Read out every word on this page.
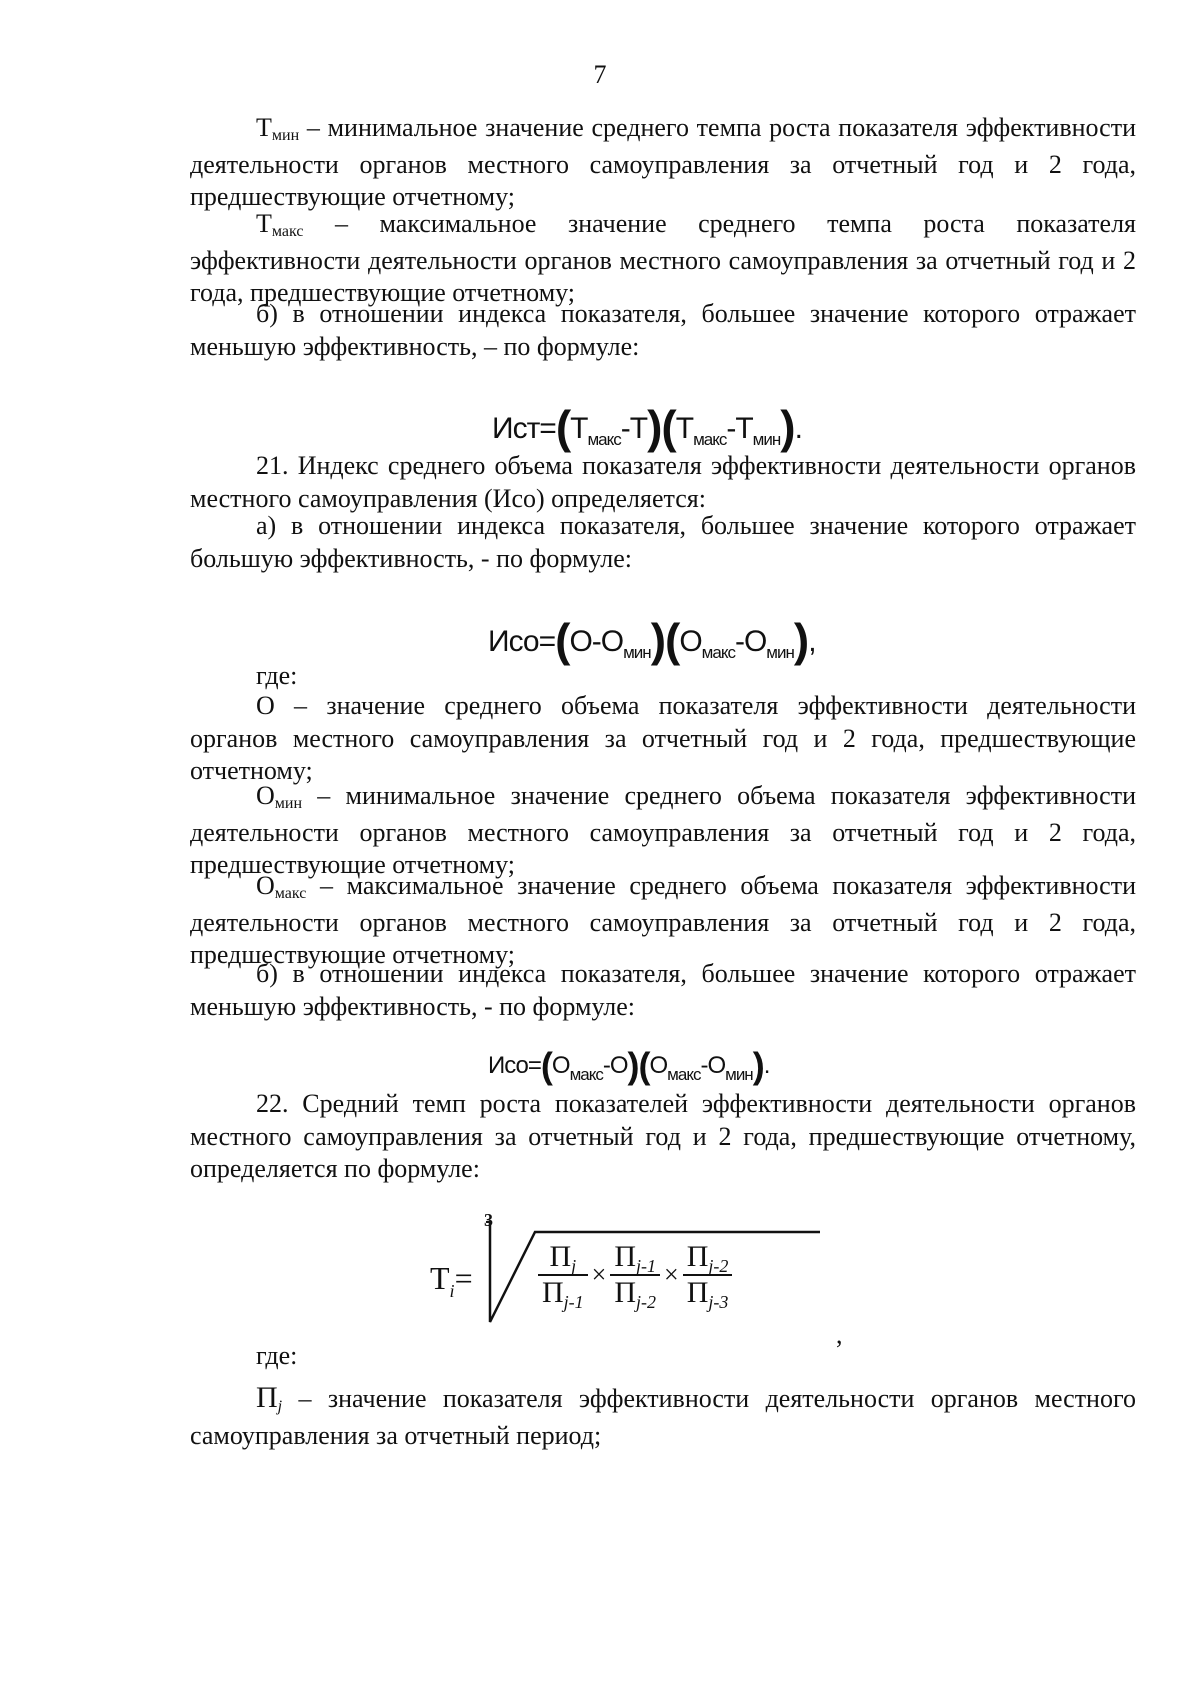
7
Тмин – минимальное значение среднего темпа роста показателя эффективности деятельности органов местного самоуправления за отчетный год и 2 года, предшествующие отчетному;
Тмакс – максимальное значение среднего темпа роста показателя эффективности деятельности органов местного самоуправления за отчетный год и 2 года, предшествующие отчетному;
б) в отношении индекса показателя, большее значение которого отражает меньшую эффективность, – по формуле:
$Ист=(Т_{макс}-Т)(Т_{макс}-Т_{мин})$.
21. Индекс среднего объема показателя эффективности деятельности органов местного самоуправления (Исо) определяется:
а) в отношении индекса показателя, большее значение которого отражает большую эффективность, - по формуле:
$Исо=(О-О_{мин})(О_{макс}-О_{мин})$,
где:
О – значение среднего объема показателя эффективности деятельности органов местного самоуправления за отчетный год и 2 года, предшествующие отчетному;
Омин – минимальное значение среднего объема показателя эффективности деятельности органов местного самоуправления за отчетный год и 2 года, предшествующие отчетному;
Омакс – максимальное значение среднего объема показателя эффективности деятельности органов местного самоуправления за отчетный год и 2 года, предшествующие отчетному;
б) в отношении индекса показателя, большее значение которого отражает меньшую эффективность, - по формуле:
$Исо=(О_{макс}-О)(О_{макс}-О_{мин})$.
22. Средний темп роста показателей эффективности деятельности органов местного самоуправления за отчетный год и 2 года, предшествующие отчетному, определяется по формуле:
$Т_i=$
3
$\frac{П_j}{П_{j-1}} \times \frac{П_{j-1}}{П_{j-2}} \times \frac{П_{j-2}}{П_{j-3}}$
,
где:
Пj – значение показателя эффективности деятельности органов местного самоуправления за отчетный период;
